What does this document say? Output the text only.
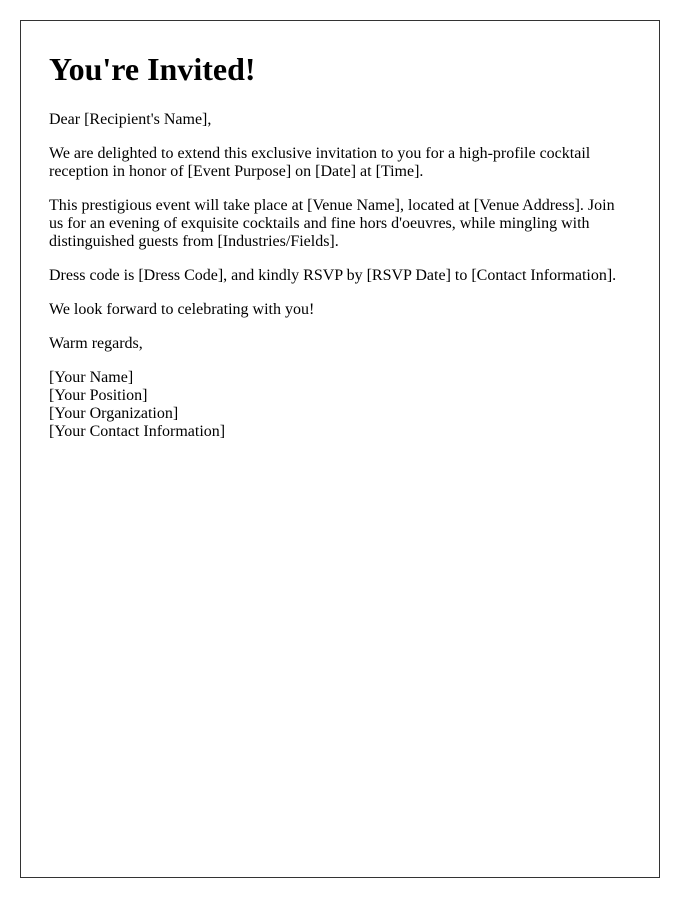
You're Invited!

Dear [Recipient's Name],

We are delighted to extend this exclusive invitation to you for a high-profile cocktail reception in honor of [Event Purpose] on [Date] at [Time].

This prestigious event will take place at [Venue Name], located at [Venue Address]. Join us for an evening of exquisite cocktails and fine hors d'oeuvres, while mingling with distinguished guests from [Industries/Fields].

Dress code is [Dress Code], and kindly RSVP by [RSVP Date] to [Contact Information].

We look forward to celebrating with you!

Warm regards,

[Your Name]
[Your Position]
[Your Organization]
[Your Contact Information]
